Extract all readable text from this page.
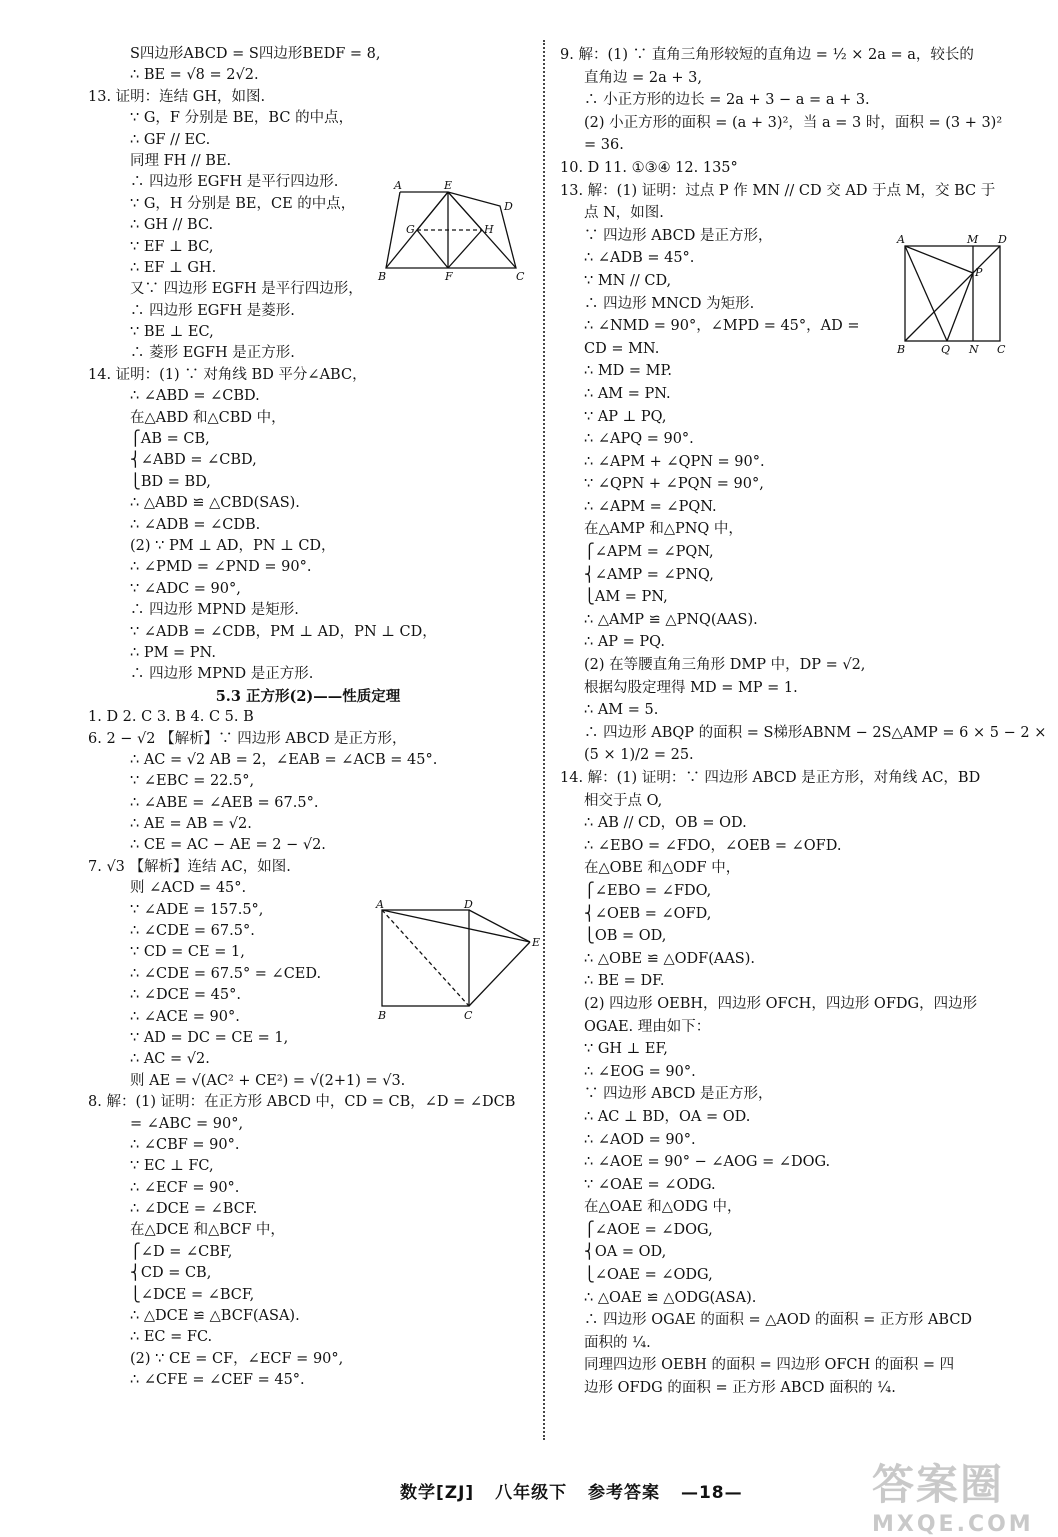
S四边形ABCD = S四边形BEDF = 8,
∴ BE = √8 = 2√2.
13. 证明：连结 GH，如图.
∵ G，F 分别是 BE，BC 的中点，
∴ GF // EC.
同理 FH // BE.
∴ 四边形 EGFH 是平行四边形.
∵ G，H 分别是 BE，CE 的中点，
∴ GH // BC.
∵ EF ⊥ BC,
∴ EF ⊥ GH.
又∵ 四边形 EGFH 是平行四边形，
∴ 四边形 EGFH 是菱形.
∵ BE ⊥ EC,
∴ 菱形 EGFH 是正方形.
14. 证明：(1) ∵ 对角线 BD 平分∠ABC，
∴ ∠ABD = ∠CBD.
在△ABD 和△CBD 中，
⎧AB = CB,
⎨∠ABD = ∠CBD,
⎩BD = BD,
∴ △ABD ≌ △CBD(SAS).
∴ ∠ADB = ∠CDB.
(2) ∵ PM ⊥ AD，PN ⊥ CD，
∴ ∠PMD = ∠PND = 90°.
∵ ∠ADC = 90°,
∴ 四边形 MPND 是矩形.
∵ ∠ADB = ∠CDB，PM ⊥ AD，PN ⊥ CD，
∴ PM = PN.
∴ 四边形 MPND 是正方形.
5.3 正方形(2)——性质定理
1. D 2. C 3. B 4. C 5. B
6. 2 − √2 【解析】∵ 四边形 ABCD 是正方形，
∴ AC = √2 AB = 2，∠EAB = ∠ACB = 45°.
∵ ∠EBC = 22.5°,
∴ ∠ABE = ∠AEB = 67.5°.
∴ AE = AB = √2.
∴ CE = AC − AE = 2 − √2.
7. √3 【解析】连结 AC，如图.
则 ∠ACD = 45°.
∵ ∠ADE = 157.5°,
∴ ∠CDE = 67.5°.
∵ CD = CE = 1,
∴ ∠CDE = 67.5° = ∠CED.
∴ ∠DCE = 45°.
∴ ∠ACE = 90°.
∵ AD = DC = CE = 1,
∴ AC = √2.
则 AE = √(AC² + CE²) = √(2+1) = √3.
8. 解：(1) 证明：在正方形 ABCD 中，CD = CB，∠D = ∠DCB
= ∠ABC = 90°,
∴ ∠CBF = 90°.
∵ EC ⊥ FC,
∴ ∠ECF = 90°.
∴ ∠DCE = ∠BCF.
在△DCE 和△BCF 中，
⎧∠D = ∠CBF,
⎨CD = CB,
⎩∠DCE = ∠BCF,
∴ △DCE ≌ △BCF(ASA).
∴ EC = FC.
(2) ∵ CE = CF，∠ECF = 90°,
∴ ∠CFE = ∠CEF = 45°.
9. 解：(1) ∵ 直角三角形较短的直角边 = ½ × 2a = a，较长的
直角边 = 2a + 3,
∴ 小正方形的边长 = 2a + 3 − a = a + 3.
(2) 小正方形的面积 = (a + 3)²，当 a = 3 时，面积 = (3 + 3)²
= 36.
10. D 11. ①③④ 12. 135°
13. 解：(1) 证明：过点 P 作 MN // CD 交 AD 于点 M，交 BC 于
点 N，如图.
∵ 四边形 ABCD 是正方形，
∴ ∠ADB = 45°.
∵ MN // CD,
∴ 四边形 MNCD 为矩形.
∴ ∠NMD = 90°，∠MPD = 45°，AD =
CD = MN.
∴ MD = MP.
∴ AM = PN.
∵ AP ⊥ PQ,
∴ ∠APQ = 90°.
∴ ∠APM + ∠QPN = 90°.
∵ ∠QPN + ∠PQN = 90°,
∴ ∠APM = ∠PQN.
在△AMP 和△PNQ 中，
⎧∠APM = ∠PQN,
⎨∠AMP = ∠PNQ,
⎩AM = PN,
∴ △AMP ≌ △PNQ(AAS).
∴ AP = PQ.
(2) 在等腰直角三角形 DMP 中，DP = √2,
根据勾股定理得 MD = MP = 1.
∴ AM = 5.
∴ 四边形 ABQP 的面积 = S梯形ABNM − 2S△AMP = 6 × 5 − 2 ×
(5 × 1)/2 = 25.
14. 解：(1) 证明：∵ 四边形 ABCD 是正方形，对角线 AC，BD
相交于点 O,
∴ AB // CD，OB = OD.
∴ ∠EBO = ∠FDO，∠OEB = ∠OFD.
在△OBE 和△ODF 中，
⎧∠EBO = ∠FDO,
⎨∠OEB = ∠OFD,
⎩OB = OD,
∴ △OBE ≌ △ODF(AAS).
∴ BE = DF.
(2) 四边形 OEBH，四边形 OFCH，四边形 OFDG，四边形
OGAE. 理由如下：
∵ GH ⊥ EF,
∴ ∠EOG = 90°.
∵ 四边形 ABCD 是正方形，
∴ AC ⊥ BD，OA = OD.
∴ ∠AOD = 90°.
∴ ∠AOE = 90° − ∠AOG = ∠DOG.
∵ ∠OAE = ∠ODG.
在△OAE 和△ODG 中，
⎧∠AOE = ∠DOG,
⎨OA = OD,
⎩∠OAE = ∠ODG,
∴ △OAE ≌ △ODG(ASA).
∴ 四边形 OGAE 的面积 = △AOD 的面积 = 正方形 ABCD
面积的 ¼.
同理四边形 OEBH 的面积 = 四边形 OFCH 的面积 = 四
边形 OFDG 的面积 = 正方形 ABCD 面积的 ¼.
A	E
D
G	H
B	F	C
A	M D
P
B	Q N C
A	D
E
B	C
数学[ZJ] 八年级下 参考答案 —18—	答案圈
MXQE.COM
